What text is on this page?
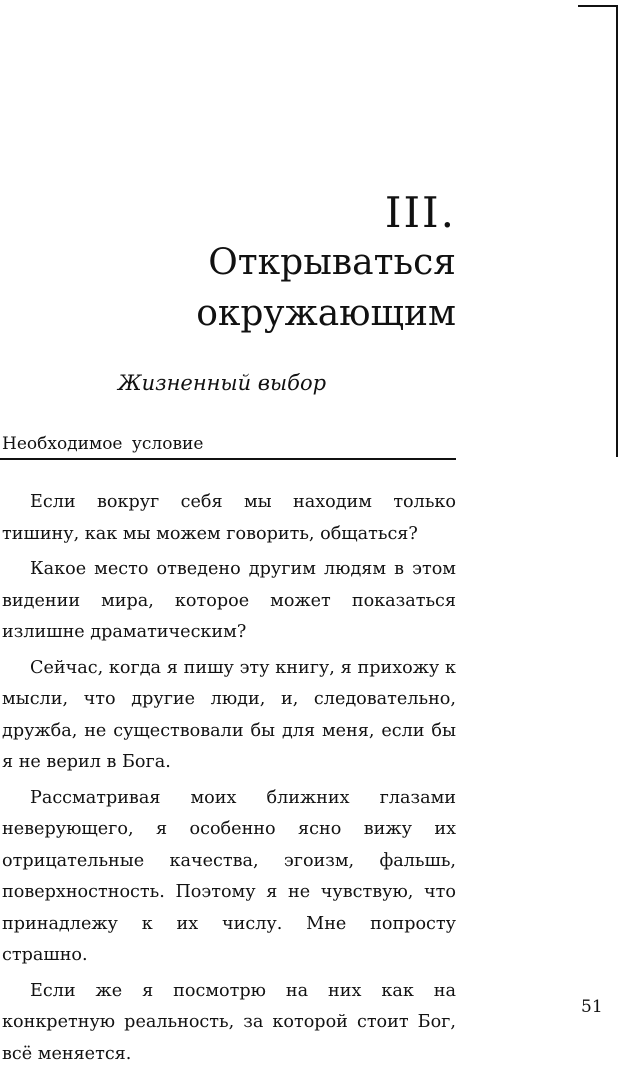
III.
Открываться
окружающим
Жизненный выбор
Необходимое условие

Если вокруг себя мы находим только тишину, как мы можем говорить, общаться?

Какое место отведено другим людям в этом видении мира, которое может показаться излишне драматическим?

Сейчас, когда я пишу эту книгу, я прихожу к мысли, что другие люди, и, следовательно, дружба, не существовали бы для меня, если бы я не верил в Бога.

Рассматривая моих ближних глазами неверующего, я особенно ясно вижу их отрицательные качества, эгоизм, фальшь, поверхностность. Поэтому я не чувствую, что принадлежу к их числу. Мне попросту страшно.

Если же я посмотрю на них как на конкретную реальность, за которой стоит Бог, всё меняется.

51
